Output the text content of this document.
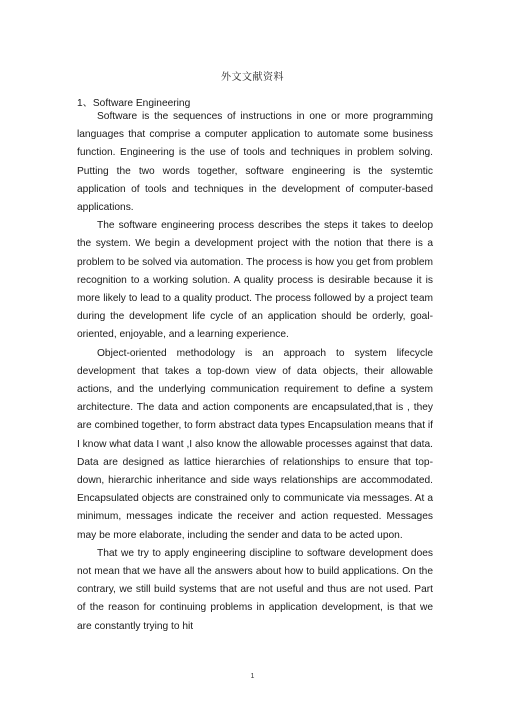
外文文献资料
1、Software Engineering

Software is the sequences of instructions in one or more programming languages that comprise a computer application to automate some business function. Engineering is the use of tools and techniques in problem solving. Putting the two words together, software engineering is the systemtic application of tools and techniques in the development of computer-based applications.

The software engineering process describes the steps it takes to deelop the system. We begin a development project with the notion that there is a problem to be solved via automation. The process is how you get from problem recognition to a working solution. A quality process is desirable because it is more likely to lead to a quality product. The process followed by a project team during the development life cycle of an application should be orderly, goal-oriented, enjoyable, and a learning experience.

Object-oriented methodology is an approach to system lifecycle development that takes a top-down view of data objects, their allowable actions, and the underlying communication requirement to define a system architecture. The data and action components are encapsulated,that is , they are combined together, to form abstract data types Encapsulation means that if I know what data I want ,I also know the allowable processes against that data. Data are designed as lattice hierarchies of relationships to ensure that top-down, hierarchic inheritance and side ways relationships are accommodated. Encapsulated objects are constrained only to communicate via messages. At a minimum, messages indicate the receiver and action requested. Messages may be more elaborate, including the sender and data to be acted upon.

That we try to apply engineering discipline to software development does not mean that we have all the answers about how to build applications. On the contrary, we still build systems that are not useful and thus are not used. Part of the reason for continuing problems in application development, is that we are constantly trying to hit

1
